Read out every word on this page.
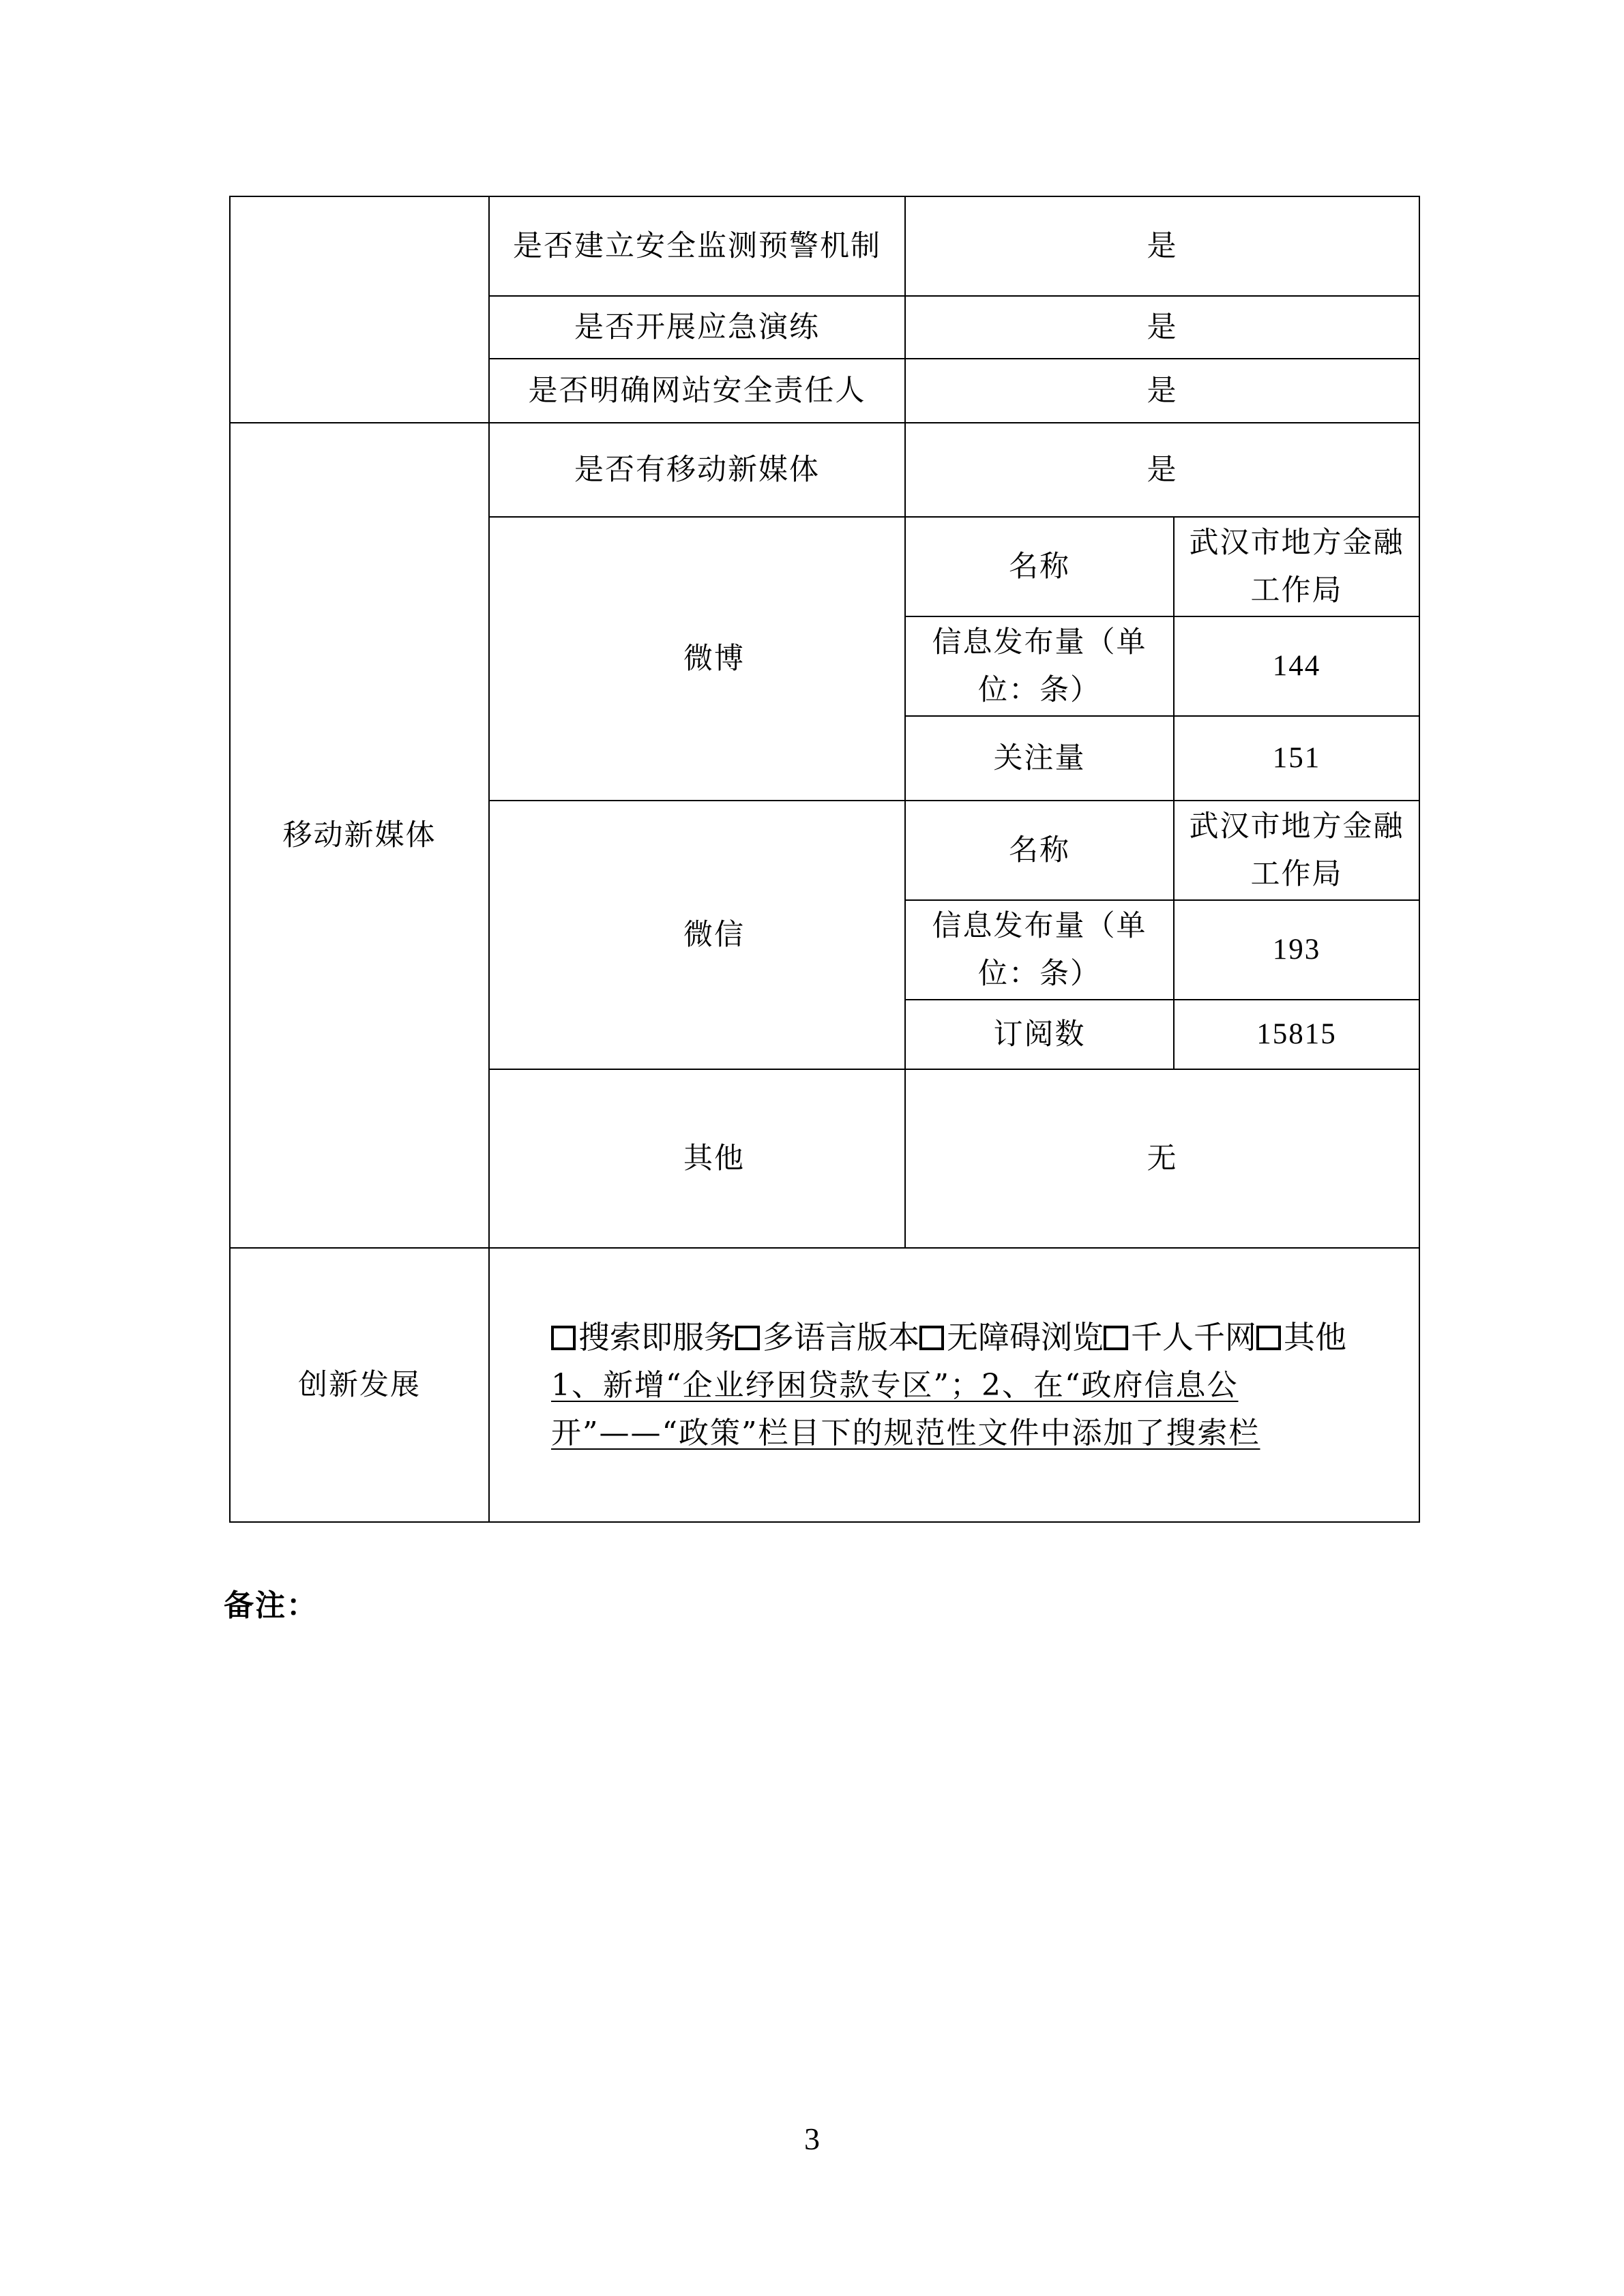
	是否建立安全监测预警机制	是	
	是否开展应急演练	是	
	是否明确网站安全责任人	是	
移动新媒体	是否有移动新媒体	是	
	微博	名称	武汉市地方金融工作局
		信息发布量（单位：条）	144
		关注量	151
	微信	名称	武汉市地方金融工作局
		信息发布量（单位：条）	193
		订阅数	15815
	其他	无	
创新发展	搜索即服务 多语言版本 无障碍浏览 千人千网 其他
1、新增“企业纾困贷款专区”；2、在“政府信息公开”——“政策”栏目下的规范性文件中添加了搜索栏		
备注：
3
